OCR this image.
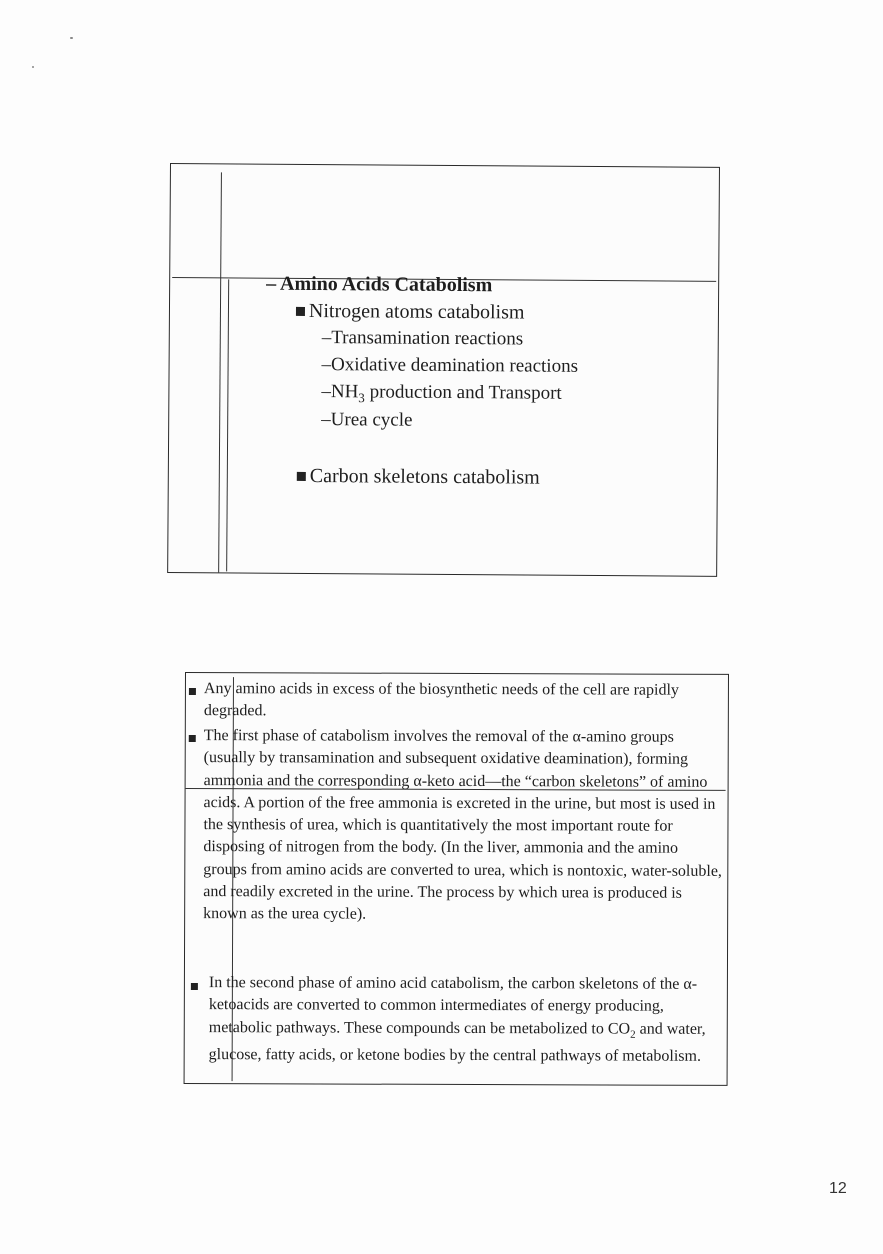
– Amino Acids Catabolism
Nitrogen atoms catabolism
–Transamination reactions
–Oxidative deamination reactions
$-NH_3$ production and Transport
–Urea cycle
Carbon skeletons catabolism
Any amino acids in excess of the biosynthetic needs of the cell are rapidly degraded.
The first phase of catabolism involves the removal of the α-amino groups (usually by transamination and subsequent oxidative deamination), forming ammonia and the corresponding α-keto acid—the “carbon skeletons” of amino acids. A portion of the free ammonia is excreted in the urine, but most is used in the synthesis of urea, which is quantitatively the most important route for disposing of nitrogen from the body. (In the liver, ammonia and the amino groups from amino acids are converted to urea, which is nontoxic, water-soluble, and readily excreted in the urine. The process by which urea is produced is known as the urea cycle).
In the second phase of amino acid catabolism, the carbon skeletons of the α-ketoacids are converted to common intermediates of energy producing, metabolic pathways. These compounds can be metabolized to $CO_2$ and water, glucose, fatty acids, or ketone bodies by the central pathways of metabolism.
12
